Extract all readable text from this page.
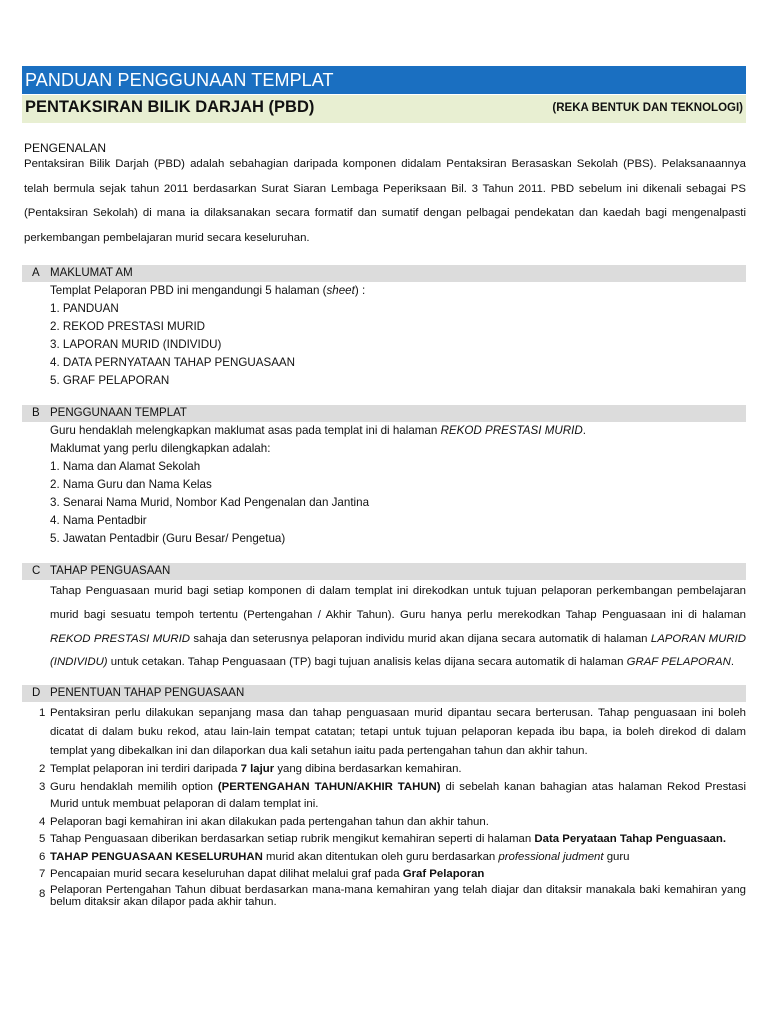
PANDUAN PENGGUNAAN TEMPLAT
PENTAKSIRAN BILIK DARJAH (PBD)	(REKA BENTUK DAN TEKNOLOGI)
PENGENALAN
Pentaksiran Bilik Darjah (PBD) adalah sebahagian daripada komponen didalam Pentaksiran Berasaskan Sekolah (PBS). Pelaksanaannya telah bermula sejak tahun 2011 berdasarkan Surat Siaran Lembaga Peperiksaan Bil. 3 Tahun 2011. PBD sebelum ini dikenali sebagai PS (Pentaksiran Sekolah) di mana ia dilaksanakan secara formatif dan sumatif dengan pelbagai pendekatan dan kaedah bagi mengenalpasti perkembangan pembelajaran murid secara keseluruhan.
A MAKLUMAT AM
Templat Pelaporan PBD ini mengandungi 5 halaman (sheet) :
1. PANDUAN
2. REKOD PRESTASI MURID
3. LAPORAN MURID (INDIVIDU)
4. DATA PERNYATAAN TAHAP PENGUASAAN
5. GRAF PELAPORAN
B PENGGUNAAN TEMPLAT
Guru hendaklah melengkapkan maklumat asas pada templat ini di halaman REKOD PRESTASI MURID.
Maklumat yang perlu dilengkapkan adalah:
1. Nama dan Alamat Sekolah
2. Nama Guru dan Nama Kelas
3. Senarai Nama Murid, Nombor Kad Pengenalan dan Jantina
4. Nama Pentadbir
5. Jawatan Pentadbir (Guru Besar/ Pengetua)
C TAHAP PENGUASAAN
Tahap Penguasaan murid bagi setiap komponen di dalam templat ini direkodkan untuk tujuan pelaporan perkembangan pembelajaran murid bagi sesuatu tempoh tertentu (Pertengahan / Akhir Tahun). Guru hanya perlu merekodkan Tahap Penguasaan ini di halaman REKOD PRESTASI MURID sahaja dan seterusnya pelaporan individu murid akan dijana secara automatik di halaman LAPORAN MURID (INDIVIDU) untuk cetakan. Tahap Penguasaan (TP) bagi tujuan analisis kelas dijana secara automatik di halaman GRAF PELAPORAN.
D PENENTUAN TAHAP PENGUASAAN
1 Pentaksiran perlu dilakukan sepanjang masa dan tahap penguasaan murid dipantau secara berterusan. Tahap penguasaan ini boleh dicatat di dalam buku rekod, atau lain-lain tempat catatan; tetapi untuk tujuan pelaporan kepada ibu bapa, ia boleh direkod di dalam templat yang dibekalkan ini dan dilaporkan dua kali setahun iaitu pada pertengahan tahun dan akhir tahun.
2 Templat pelaporan ini terdiri daripada 7 lajur yang dibina berdasarkan kemahiran.
3 Guru hendaklah memilih option (PERTENGAHAN TAHUN/AKHIR TAHUN) di sebelah kanan bahagian atas halaman Rekod Prestasi Murid untuk membuat pelaporan di dalam templat ini.
4 Pelaporan bagi kemahiran ini akan dilakukan pada pertengahan tahun dan akhir tahun.
5 Tahap Penguasaan diberikan berdasarkan setiap rubrik mengikut kemahiran seperti di halaman Data Peryataan Tahap Penguasaan.
6 TAHAP PENGUASAAN KESELURUHAN murid akan ditentukan oleh guru berdasarkan professional judment guru
7 Pencapaian murid secara keseluruhan dapat dilihat melalui graf pada Graf Pelaporan
8 Pelaporan Pertengahan Tahun dibuat berdasarkan mana-mana kemahiran yang telah diajar dan ditaksir manakala baki kemahiran yang belum ditaksir akan dilapor pada akhir tahun.
